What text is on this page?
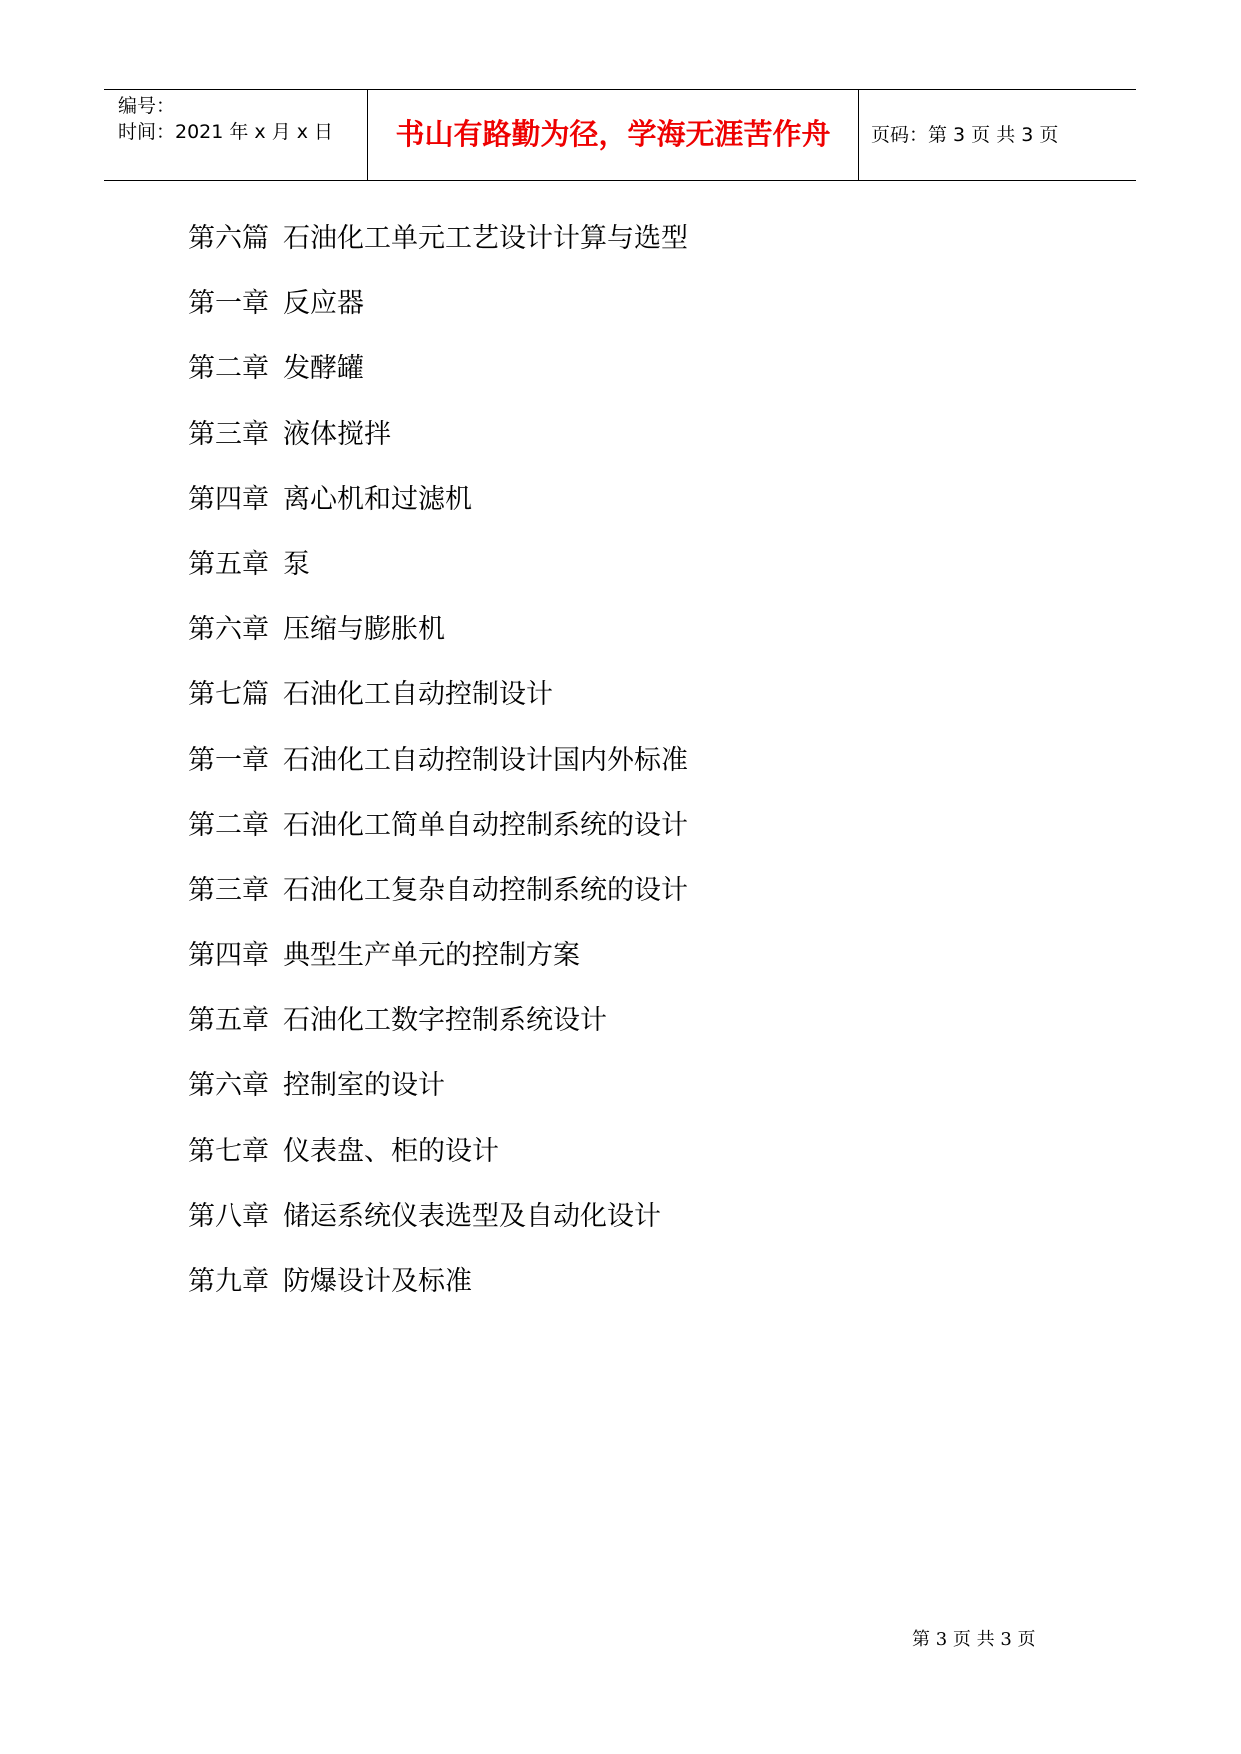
编号：
时间：2021 年 x 月 x 日	书山有路勤为径，学海无涯苦作舟	页码：第 3 页 共 3 页
第六篇 石油化工单元工艺设计计算与选型
第一章 反应器
第二章 发酵罐
第三章 液体搅拌
第四章 离心机和过滤机
第五章 泵
第六章 压缩与膨胀机
第七篇 石油化工自动控制设计
第一章 石油化工自动控制设计国内外标准
第二章 石油化工简单自动控制系统的设计
第三章 石油化工复杂自动控制系统的设计
第四章 典型生产单元的控制方案
第五章 石油化工数字控制系统设计
第六章 控制室的设计
第七章 仪表盘、柜的设计
第八章 储运系统仪表选型及自动化设计
第九章 防爆设计及标准
第 3 页 共 3 页
